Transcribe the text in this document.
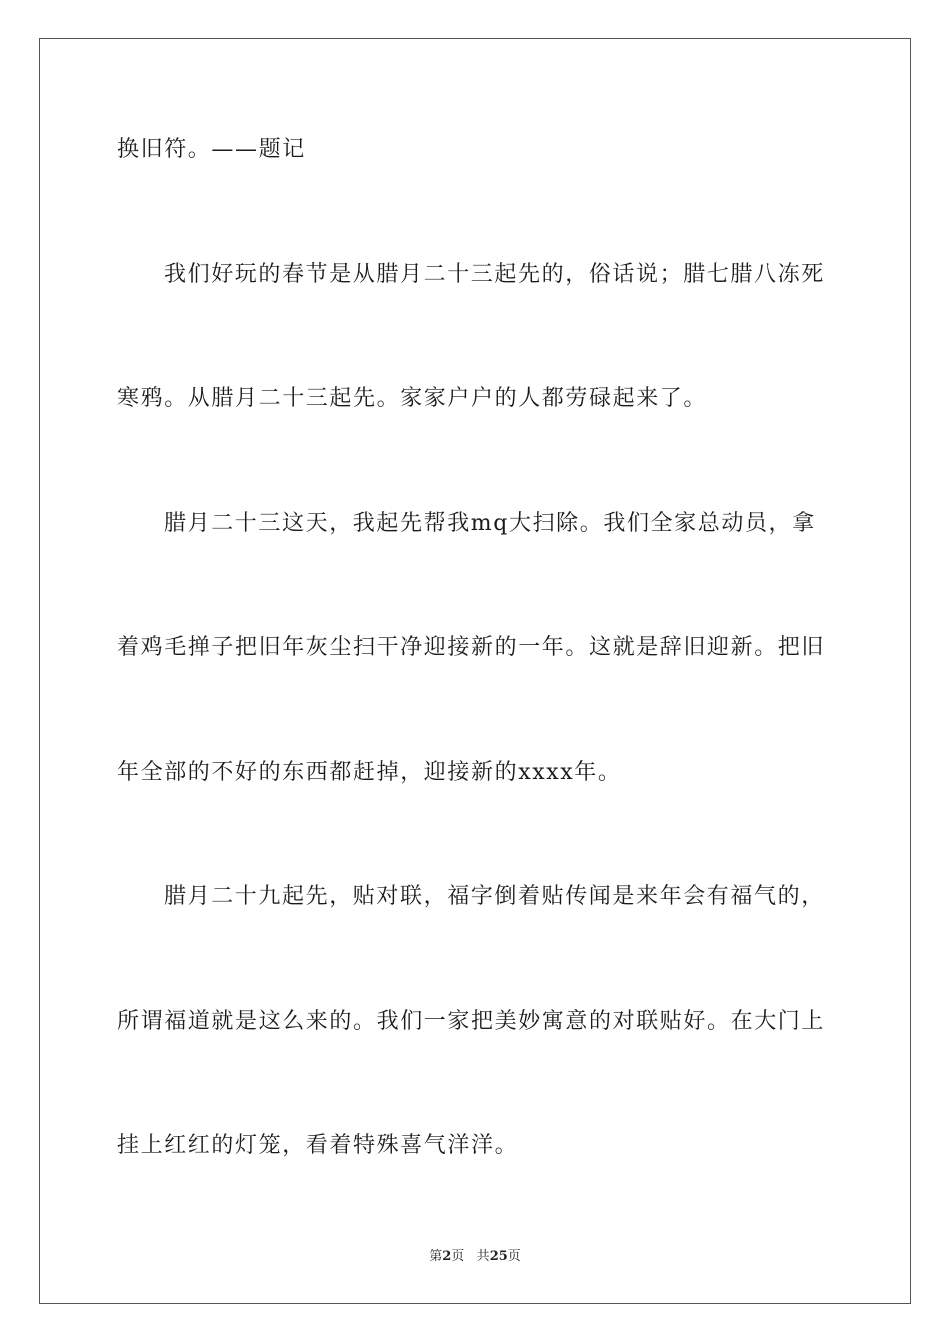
换旧符。——题记
我们好玩的春节是从腊月二十三起先的，俗话说；腊七腊八冻死
寒鸦。从腊月二十三起先。家家户户的人都劳碌起来了。
腊月二十三这天，我起先帮我mq大扫除。我们全家总动员，拿
着鸡毛掸子把旧年灰尘扫干净迎接新的一年。这就是辞旧迎新。把旧
年全部的不好的东西都赶掉，迎接新的xxxx年。
腊月二十九起先，贴对联，福字倒着贴传闻是来年会有福气的，
所谓福道就是这么来的。我们一家把美妙寓意的对联贴好。在大门上
挂上红红的灯笼，看着特殊喜气洋洋。
第2页 共25页
